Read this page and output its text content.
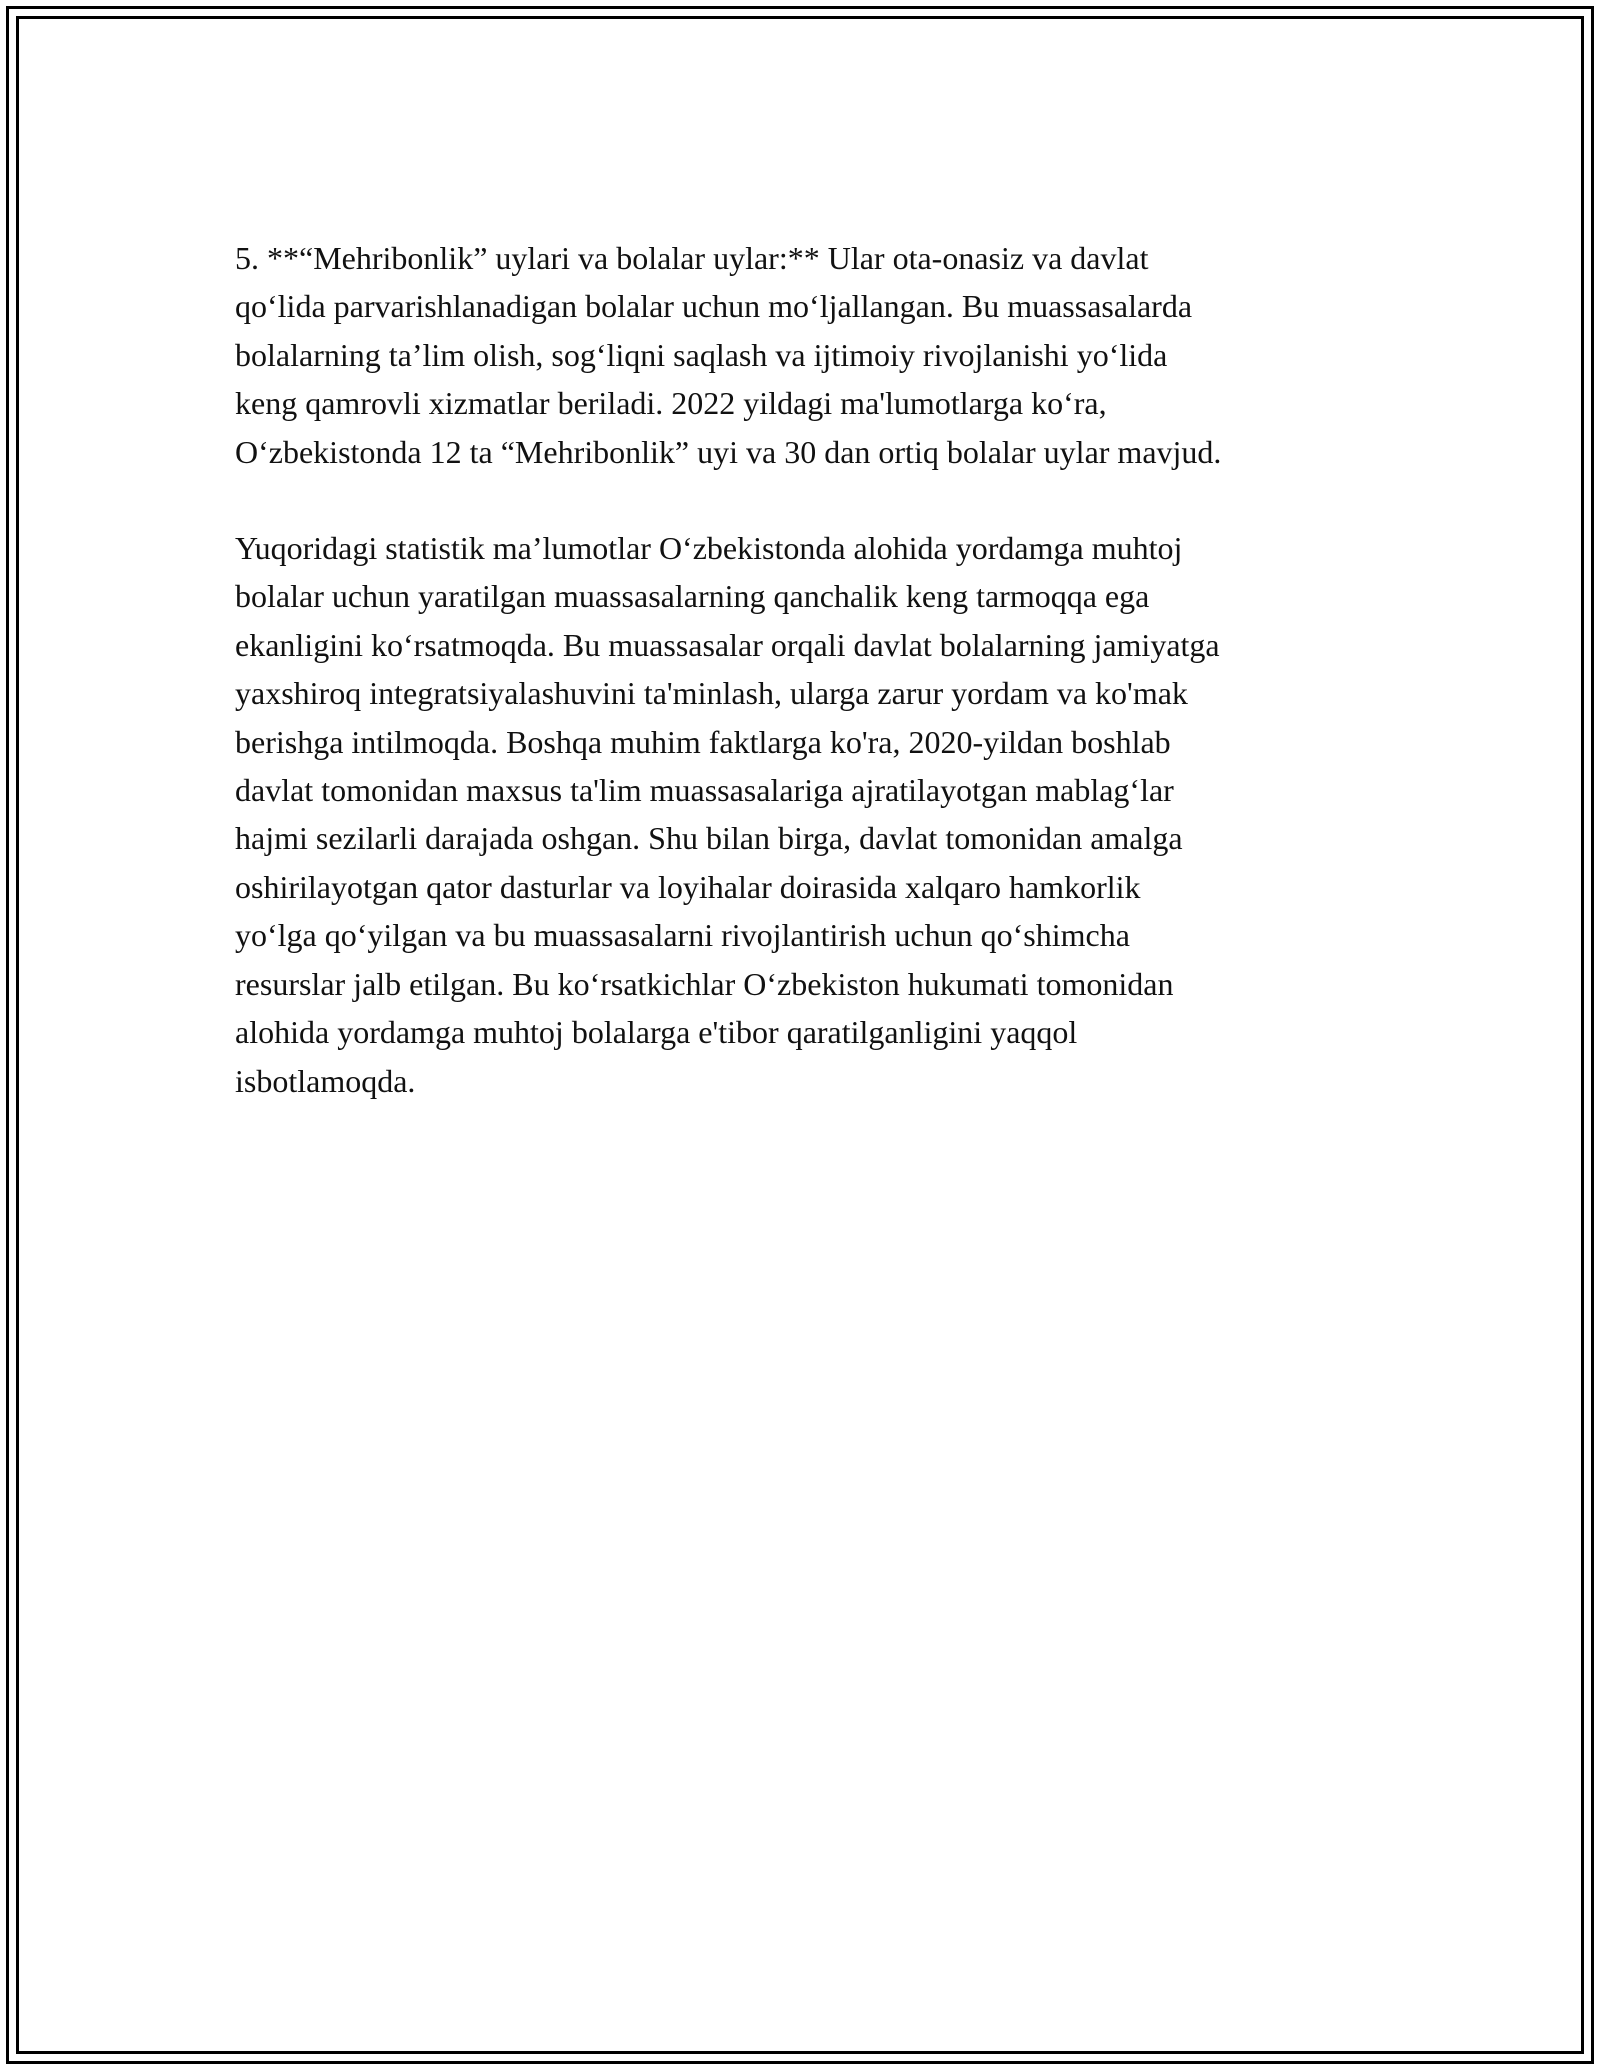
5. **“Mehribonlik” uylari va bolalar uylar:** Ular ota-onasiz va davlat
qo‘lida parvarishlanadigan bolalar uchun mo‘ljallangan. Bu muassasalarda
bolalarning ta’lim olish, sog‘liqni saqlash va ijtimoiy rivojlanishi yo‘lida
keng qamrovli xizmatlar beriladi. 2022 yildagi ma'lumotlarga ko‘ra,
O‘zbekistonda 12 ta “Mehribonlik” uyi va 30 dan ortiq bolalar uylar mavjud.

Yuqoridagi statistik ma’lumotlar O‘zbekistonda alohida yordamga muhtoj
bolalar uchun yaratilgan muassasalarning qanchalik keng tarmoqqa ega
ekanligini ko‘rsatmoqda. Bu muassasalar orqali davlat bolalarning jamiyatga
yaxshiroq integratsiyalashuvini ta'minlash, ularga zarur yordam va ko'mak
berishga intilmoqda. Boshqa muhim faktlarga ko'ra, 2020-yildan boshlab
davlat tomonidan maxsus ta'lim muassasalariga ajratilayotgan mablag‘lar
hajmi sezilarli darajada oshgan. Shu bilan birga, davlat tomonidan amalga
oshirilayotgan qator dasturlar va loyihalar doirasida xalqaro hamkorlik
yo‘lga qo‘yilgan va bu muassasalarni rivojlantirish uchun qo‘shimcha
resurslar jalb etilgan. Bu ko‘rsatkichlar O‘zbekiston hukumati tomonidan
alohida yordamga muhtoj bolalarga e'tibor qaratilganligini yaqqol
isbotlamoqda.
